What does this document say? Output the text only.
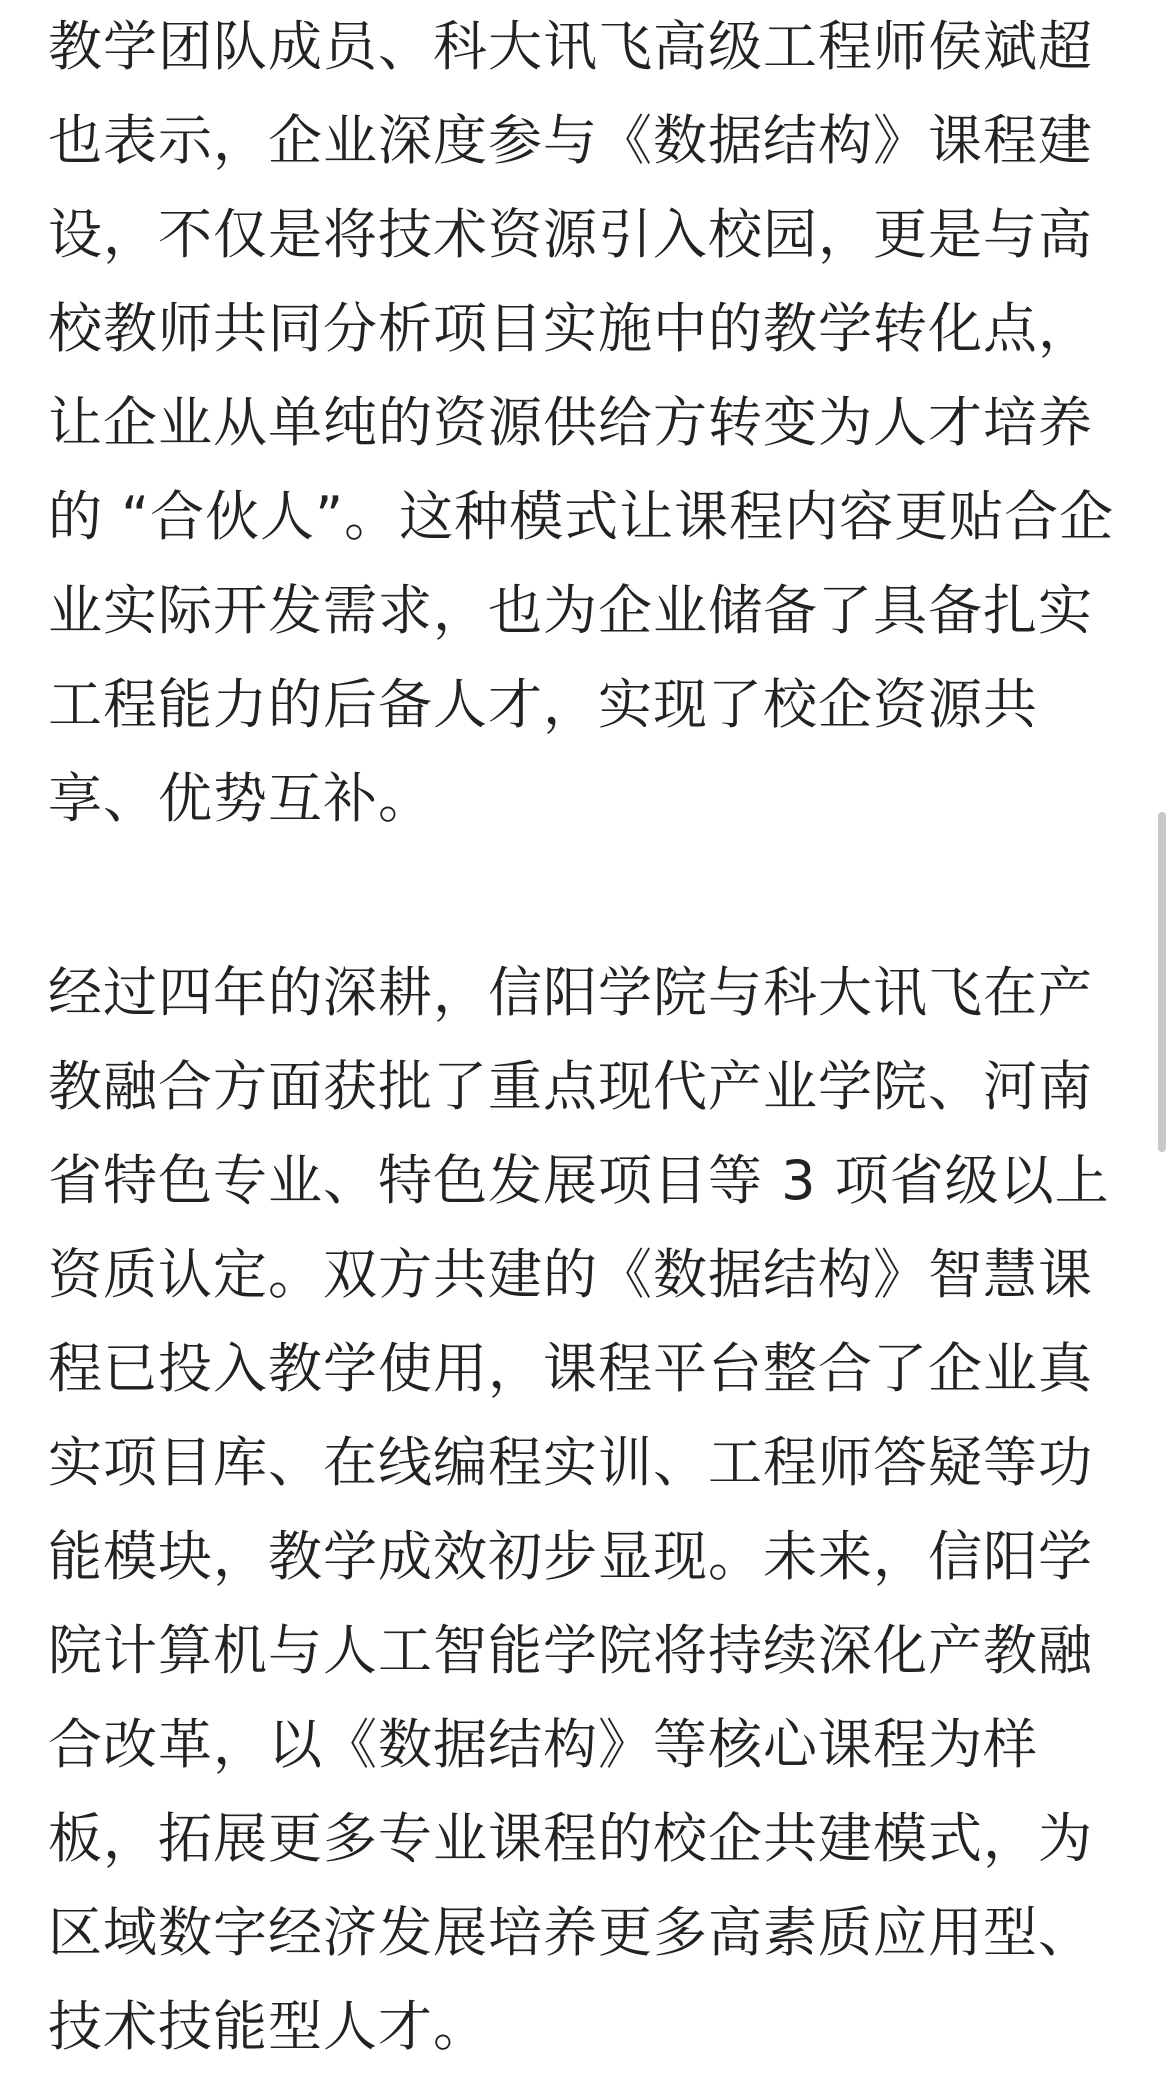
教学团队成员、科大讯飞高级工程师侯斌超
也表示，企业深度参与《数据结构》课程建
设，不仅是将技术资源引入校园，更是与高
校教师共同分析项目实施中的教学转化点，
让企业从单纯的资源供给方转变为人才培养
的 “合伙人”。这种模式让课程内容更贴合企
业实际开发需求，也为企业储备了具备扎实
工程能力的后备人才，实现了校企资源共
享、优势互补。
经过四年的深耕，信阳学院与科大讯飞在产
教融合方面获批了重点现代产业学院、河南
省特色专业、特色发展项目等 3 项省级以上
资质认定。双方共建的《数据结构》智慧课
程已投入教学使用，课程平台整合了企业真
实项目库、在线编程实训、工程师答疑等功
能模块，教学成效初步显现。未来，信阳学
院计算机与人工智能学院将持续深化产教融
合改革，以《数据结构》等核心课程为样
板，拓展更多专业课程的校企共建模式，为
区域数字经济发展培养更多高素质应用型、
技术技能型人才。
